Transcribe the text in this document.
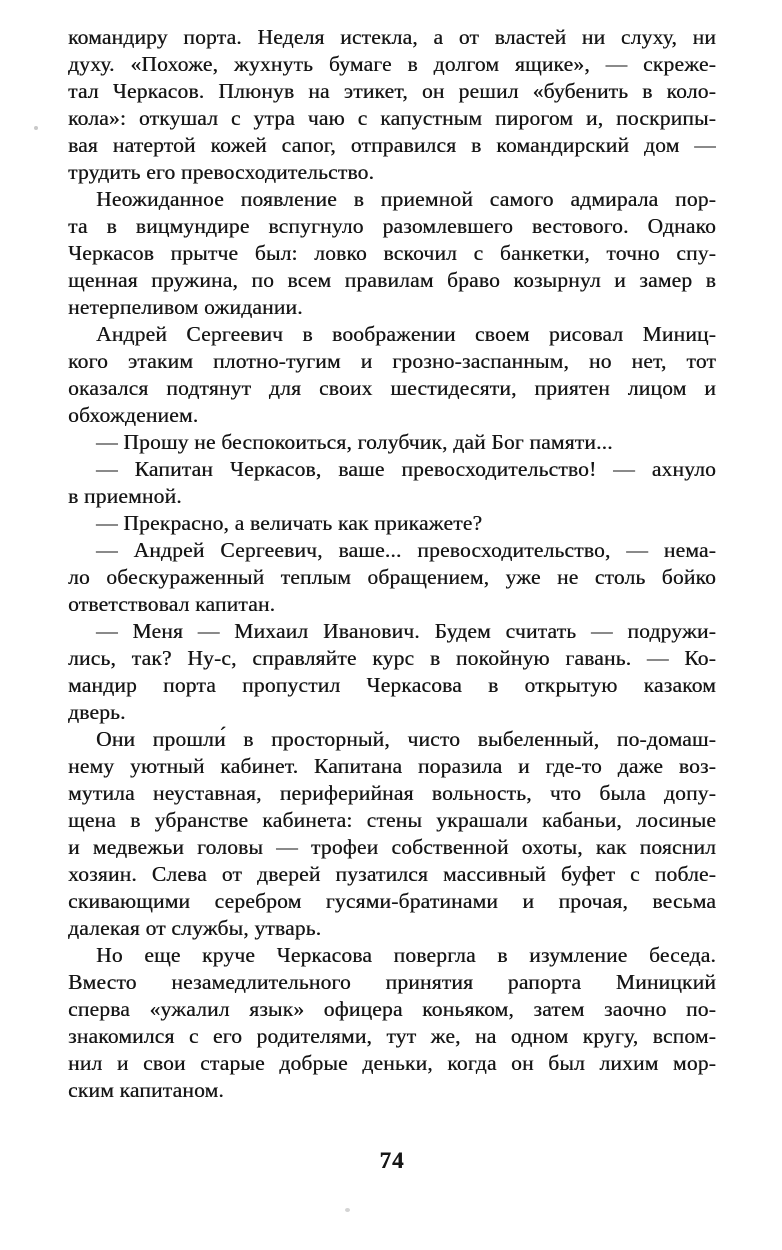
командиру порта. Неделя истекла, а от властей ни слуху, ни
духу. «Похоже, жухнуть бумаге в долгом ящике», — скреже-
тал Черкасов. Плюнув на этикет, он решил «бубенить в коло-
кола»: откушал с утра чаю с капустным пирогом и, поскрипы-
вая натертой кожей сапог, отправился в командирский дом —
трудить его превосходительство.
Неожиданное появление в приемной самого адмирала пор-
та в вицмундире вспугнуло разомлевшего вестового. Однако
Черкасов прытче был: ловко вскочил с банкетки, точно спу-
щенная пружина, по всем правилам браво козырнул и замер в
нетерпеливом ожидании.
Андрей Сергеевич в воображении своем рисовал Миниц-
кого этаким плотно-тугим и грозно-заспанным, но нет, тот
оказался подтянут для своих шестидесяти, приятен лицом и
обхождением.
— Прошу не беспокоиться, голубчик, дай Бог памяти...
— Капитан Черкасов, ваше превосходительство! — ахнуло
в приемной.
— Прекрасно, а величать как прикажете?
— Андрей Сергеевич, ваше... превосходительство, — нема-
ло обескураженный теплым обращением, уже не столь бойко
ответствовал капитан.
— Меня — Михаил Иванович. Будем считать — подружи-
лись, так? Ну-с, справляйте курс в покойную гавань. — Ко-
мандир порта пропустил Черкасова в открытую казаком
дверь.
Они прошли́ в просторный, чисто выбеленный, по-домаш-
нему уютный кабинет. Капитана поразила и где-то даже воз-
мутила неуставная, периферийная вольность, что была допу-
щена в убранстве кабинета: стены украшали кабаньи, лосиные
и медвежьи головы — трофеи собственной охоты, как пояснил
хозяин. Слева от дверей пузатился массивный буфет с побле-
скивающими серебром гусями-братинами и прочая, весьма
далекая от службы, утварь.
Но еще круче Черкасова повергла в изумление беседа.
Вместо незамедлительного принятия рапорта Миницкий
сперва «ужалил язык» офицера коньяком, затем заочно по-
знакомился с его родителями, тут же, на одном кругу, вспом-
нил и свои старые добрые деньки, когда он был лихим мор-
ским капитаном.
74
